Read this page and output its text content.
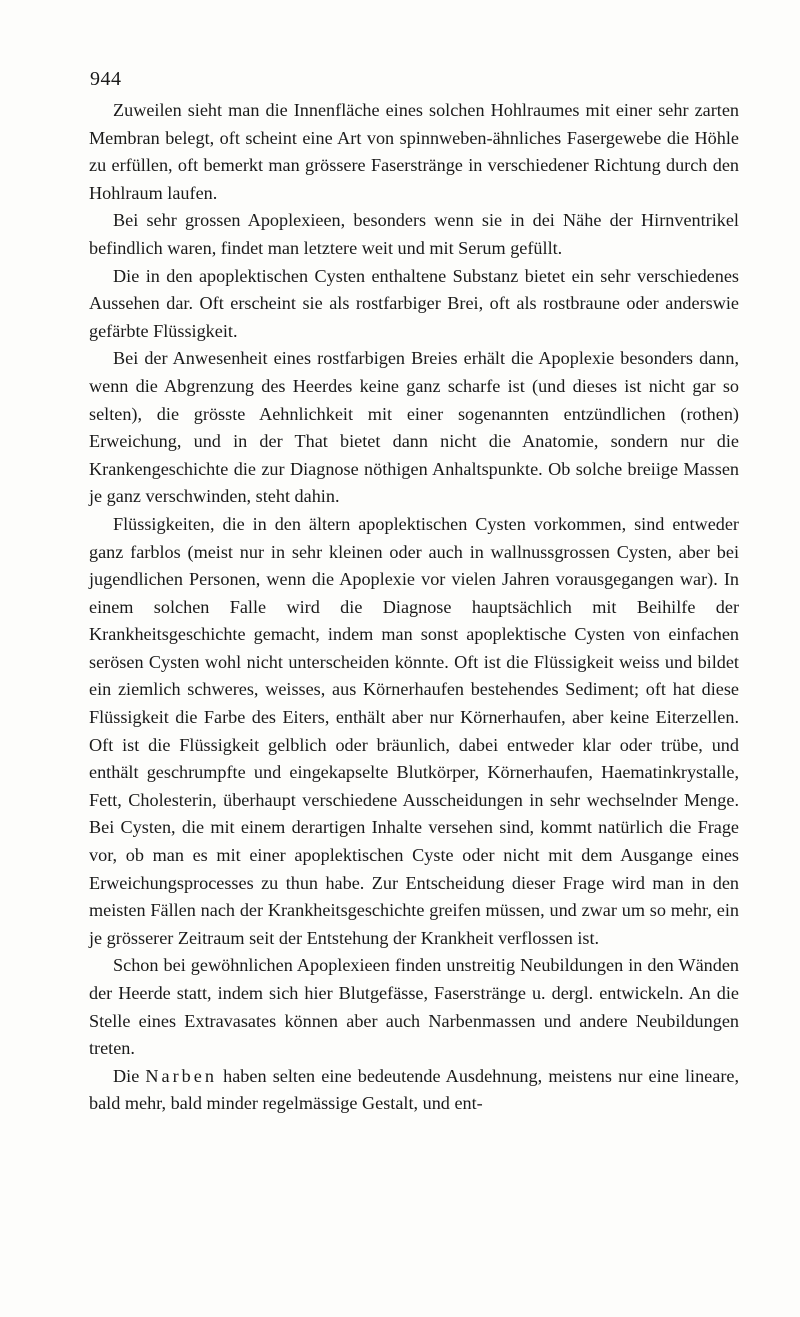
944

Zuweilen sieht man die Innenfläche eines solchen Hohlraumes mit einer sehr zarten Membran belegt, oft scheint eine Art von spinnweben-ähnliches Fasergewebe die Höhle zu erfüllen, oft bemerkt man grössere Faserstränge in verschiedener Richtung durch den Hohlraum laufen.

Bei sehr grossen Apoplexieen, besonders wenn sie in dei Nähe der Hirnventrikel befindlich waren, findet man letztere weit und mit Serum gefüllt.

Die in den apoplektischen Cysten enthaltene Substanz bietet ein sehr verschiedenes Aussehen dar. Oft erscheint sie als rostfarbiger Brei, oft als rostbraune oder anderswie gefärbte Flüssigkeit.

Bei der Anwesenheit eines rostfarbigen Breies erhält die Apoplexie besonders dann, wenn die Abgrenzung des Heerdes keine ganz scharfe ist (und dieses ist nicht gar so selten), die grösste Aehnlichkeit mit einer sogenannten entzündlichen (rothen) Erweichung, und in der That bietet dann nicht die Anatomie, sondern nur die Krankengeschichte die zur Diagnose nöthigen Anhaltspunkte. Ob solche breiige Massen je ganz verschwinden, steht dahin.

Flüssigkeiten, die in den ältern apoplektischen Cysten vorkommen, sind entweder ganz farblos (meist nur in sehr kleinen oder auch in wallnussgrossen Cysten, aber bei jugendlichen Personen, wenn die Apoplexie vor vielen Jahren vorausgegangen war). In einem solchen Falle wird die Diagnose hauptsächlich mit Beihilfe der Krankheitsgeschichte gemacht, indem man sonst apoplektische Cysten von einfachen serösen Cysten wohl nicht unterscheiden könnte. Oft ist die Flüssigkeit weiss und bildet ein ziemlich schweres, weisses, aus Körnerhaufen bestehendes Sediment; oft hat diese Flüssigkeit die Farbe des Eiters, enthält aber nur Körnerhaufen, aber keine Eiterzellen. Oft ist die Flüssigkeit gelblich oder bräunlich, dabei entweder klar oder trübe, und enthält geschrumpfte und eingekapselte Blutkörper, Körnerhaufen, Haematinkrystalle, Fett, Cholesterin, überhaupt verschiedene Ausscheidungen in sehr wechselnder Menge. Bei Cysten, die mit einem derartigen Inhalte versehen sind, kommt natürlich die Frage vor, ob man es mit einer apoplektischen Cyste oder nicht mit dem Ausgange eines Erweichungsprocesses zu thun habe. Zur Entscheidung dieser Frage wird man in den meisten Fällen nach der Krankheitsgeschichte greifen müssen, und zwar um so mehr, ein je grösserer Zeitraum seit der Entstehung der Krankheit verflossen ist.

Schon bei gewöhnlichen Apoplexieen finden unstreitig Neubildungen in den Wänden der Heerde statt, indem sich hier Blutgefässe, Faserstränge u. dergl. entwickeln. An die Stelle eines Extravasates können aber auch Narbenmassen und andere Neubildungen treten.

Die Narben haben selten eine bedeutende Ausdehnung, meistens nur eine lineare, bald mehr, bald minder regelmässige Gestalt, und ent-
